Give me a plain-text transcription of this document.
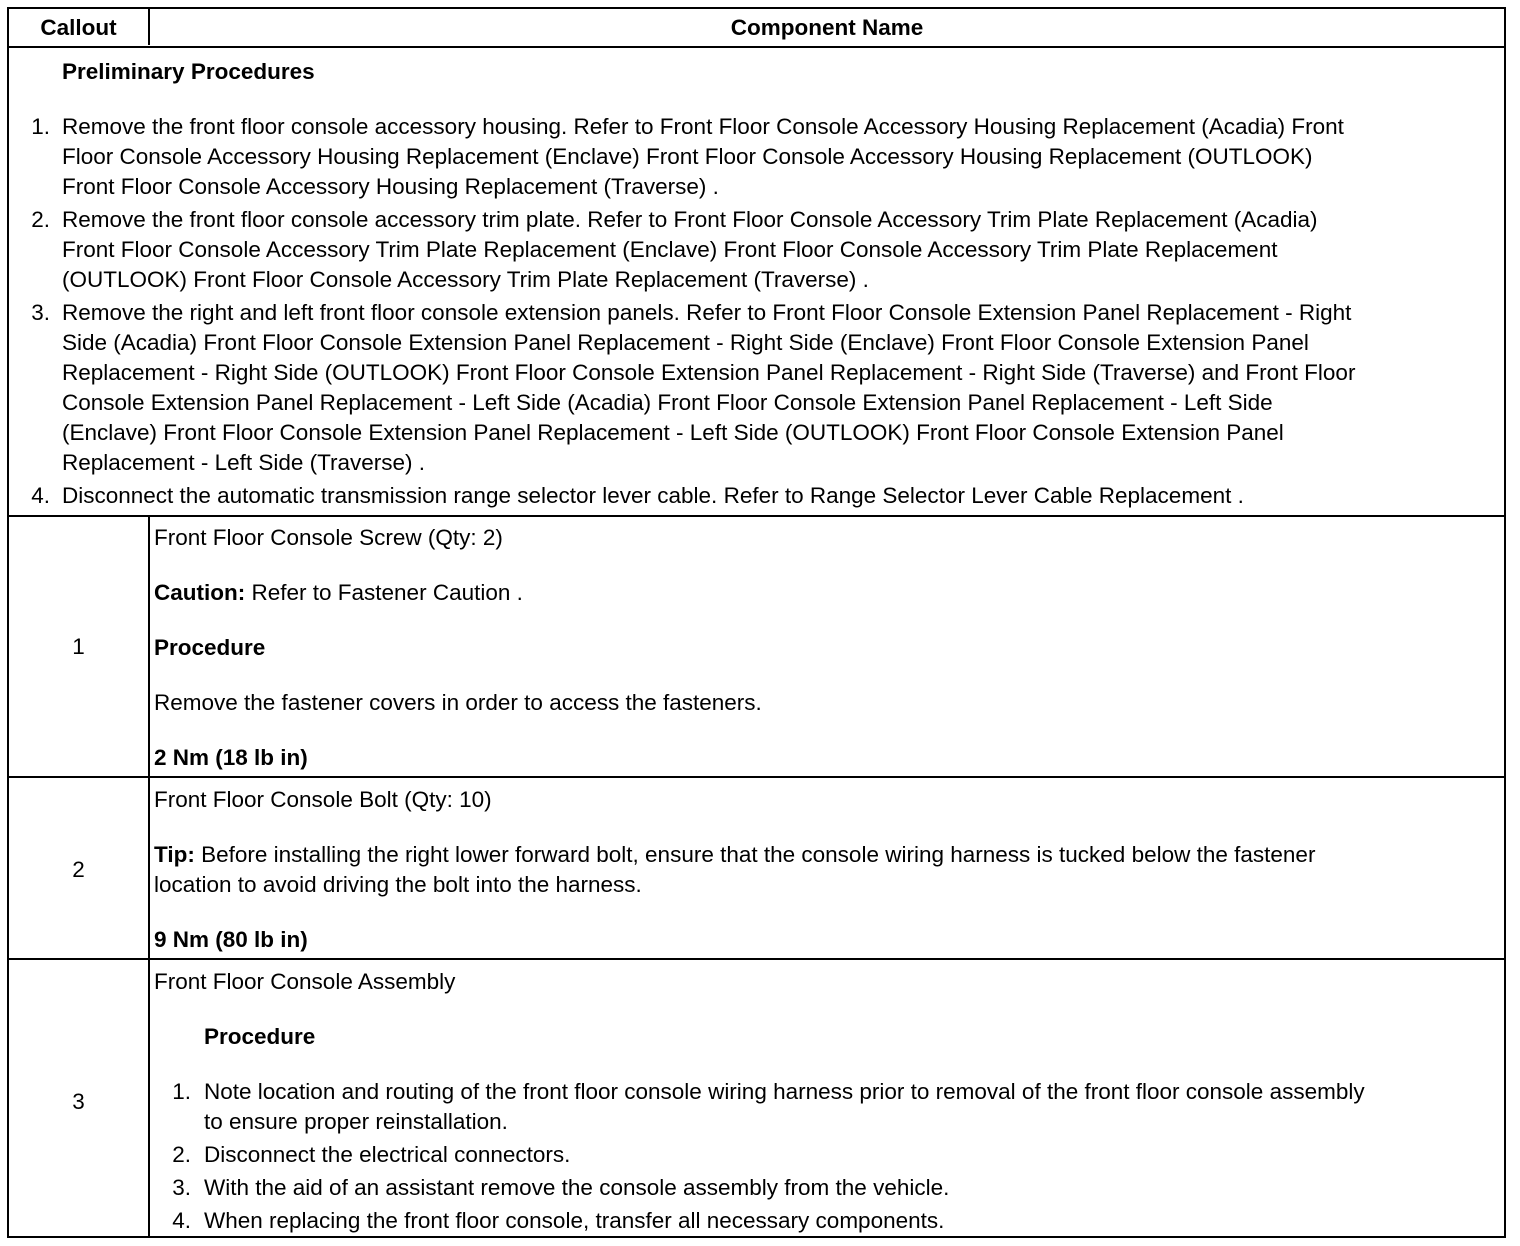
Callout	Component Name
Preliminary Procedures
1. Remove the front floor console accessory housing. Refer to Front Floor Console Accessory Housing Replacement (Acadia) Front
Floor Console Accessory Housing Replacement (Enclave) Front Floor Console Accessory Housing Replacement (OUTLOOK)
Front Floor Console Accessory Housing Replacement (Traverse) .
2. Remove the front floor console accessory trim plate. Refer to Front Floor Console Accessory Trim Plate Replacement (Acadia)
Front Floor Console Accessory Trim Plate Replacement (Enclave) Front Floor Console Accessory Trim Plate Replacement
(OUTLOOK) Front Floor Console Accessory Trim Plate Replacement (Traverse) .
3. Remove the right and left front floor console extension panels. Refer to Front Floor Console Extension Panel Replacement - Right
Side (Acadia) Front Floor Console Extension Panel Replacement - Right Side (Enclave) Front Floor Console Extension Panel
Replacement - Right Side (OUTLOOK) Front Floor Console Extension Panel Replacement - Right Side (Traverse) and Front Floor
Console Extension Panel Replacement - Left Side (Acadia) Front Floor Console Extension Panel Replacement - Left Side
(Enclave) Front Floor Console Extension Panel Replacement - Left Side (OUTLOOK) Front Floor Console Extension Panel
Replacement - Left Side (Traverse) .
4. Disconnect the automatic transmission range selector lever cable. Refer to Range Selector Lever Cable Replacement .
1
Front Floor Console Screw (Qty: 2)
Caution: Refer to Fastener Caution .
Procedure
Remove the fastener covers in order to access the fasteners.
2 Nm (18 lb in)
2
Front Floor Console Bolt (Qty: 10)
Tip: Before installing the right lower forward bolt, ensure that the console wiring harness is tucked below the fastener
location to avoid driving the bolt into the harness.
9 Nm (80 lb in)
3
Front Floor Console Assembly
Procedure
1. Note location and routing of the front floor console wiring harness prior to removal of the front floor console assembly
to ensure proper reinstallation.
2. Disconnect the electrical connectors.
3. With the aid of an assistant remove the console assembly from the vehicle.
4. When replacing the front floor console, transfer all necessary components.
